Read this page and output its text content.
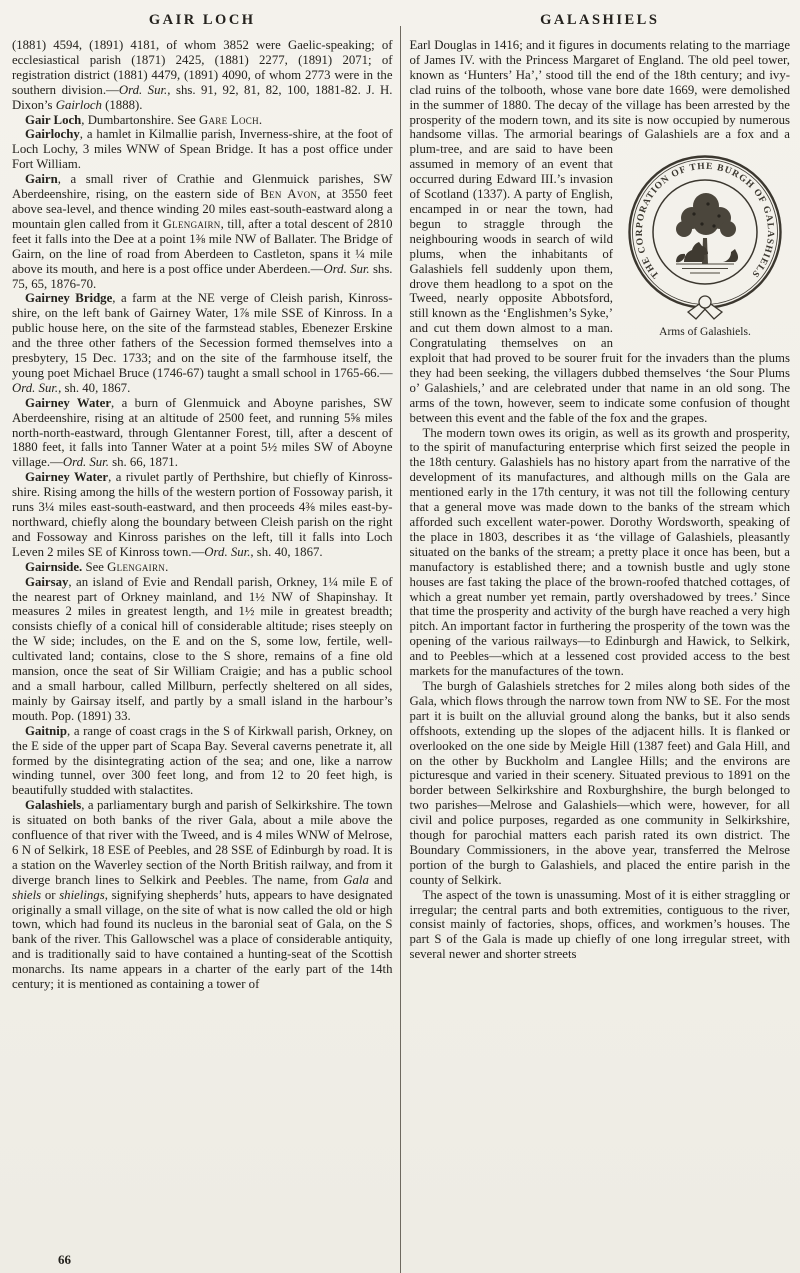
GAIR LOCH

(1881) 4594, (1891) 4181, of whom 3852 were Gaelic-speaking; of ecclesiastical parish (1871) 2425, (1881) 2277, (1891) 2071; of registration district (1881) 4479, (1891) 4090, of whom 2773 were in the southern division.—Ord. Sur., shs. 91, 92, 81, 82, 100, 1881-82. J. H. Dixon’s Gairloch (1888).

Gair Loch, Dumbartonshire. See Gare Loch.

Gairlochy, a hamlet in Kilmallie parish, Inverness-shire, at the foot of Loch Lochy, 3 miles WNW of Spean Bridge. It has a post office under Fort William.

Gairn, a small river of Crathie and Glenmuick parishes, SW Aberdeenshire, rising, on the eastern side of Ben Avon, at 3550 feet above sea-level, and thence winding 20 miles east-south-eastward along a mountain glen called from it Glengairn, till, after a total descent of 2810 feet it falls into the Dee at a point 1⅜ mile NW of Ballater. The Bridge of Gairn, on the line of road from Aberdeen to Castleton, spans it ¼ mile above its mouth, and here is a post office under Aberdeen.—Ord. Sur. shs. 75, 65, 1876-70.

Gairney Bridge, a farm at the NE verge of Cleish parish, Kinross-shire, on the left bank of Gairney Water, 1⅞ mile SSE of Kinross. In a public house here, on the site of the farmstead stables, Ebenezer Erskine and the three other fathers of the Secession formed themselves into a presbytery, 15 Dec. 1733; and on the site of the farmhouse itself, the young poet Michael Bruce (1746-67) taught a small school in 1765-66.—Ord. Sur., sh. 40, 1867.

Gairney Water, a burn of Glenmuick and Aboyne parishes, SW Aberdeenshire, rising at an altitude of 2500 feet, and running 5⅝ miles north-north-eastward, through Glentanner Forest, till, after a descent of 1880 feet, it falls into Tanner Water at a point 5½ miles SW of Aboyne village.—Ord. Sur. sh. 66, 1871.

Gairney Water, a rivulet partly of Perthshire, but chiefly of Kinross-shire. Rising among the hills of the western portion of Fossoway parish, it runs 3¼ miles east-south-eastward, and then proceeds 4⅜ miles east-by-northward, chiefly along the boundary between Cleish parish on the right and Fossoway and Kinross parishes on the left, till it falls into Loch Leven 2 miles SE of Kinross town.—Ord. Sur., sh. 40, 1867.

Gairnside. See Glengairn.

Gairsay, an island of Evie and Rendall parish, Orkney, 1¼ mile E of the nearest part of Orkney mainland, and 1½ NW of Shapinshay. It measures 2 miles in greatest length, and 1½ mile in greatest breadth; consists chiefly of a conical hill of considerable altitude; rises steeply on the W side; includes, on the E and on the S, some low, fertile, well-cultivated land; contains, close to the S shore, remains of a fine old mansion, once the seat of Sir William Craigie; and has a public school and a small harbour, called Millburn, perfectly sheltered on all sides, mainly by Gairsay itself, and partly by a small island in the harbour’s mouth. Pop. (1891) 33.

Gaitnip, a range of coast crags in the S of Kirkwall parish, Orkney, on the E side of the upper part of Scapa Bay. Several caverns penetrate it, all formed by the disintegrating action of the sea; and one, like a narrow winding tunnel, over 300 feet long, and from 12 to 20 feet high, is beautifully studded with stalactites.

Galashiels, a parliamentary burgh and parish of Selkirkshire. The town is situated on both banks of the river Gala, about a mile above the confluence of that river with the Tweed, and is 4 miles WNW of Melrose, 6 N of Selkirk, 18 ESE of Peebles, and 28 SSE of Edinburgh by road. It is a station on the Waverley section of the North British railway, and from it diverge branch lines to Selkirk and Peebles. The name, from Gala and shiels or shielings, signifying shepherds’ huts, appears to have designated originally a small village, on the site of what is now called the old or high town, which had found its nucleus in the baronial seat of Gala, on the S bank of the river. This Gallowschel was a place of considerable antiquity, and is traditionally said to have contained a hunting-seat of the Scottish monarchs. Its name appears in a charter of the early part of the 14th century; it is mentioned as containing a tower of

GALASHIELS

Earl Douglas in 1416; and it figures in documents relating to the marriage of James IV. with the Princess Margaret of England. The old peel tower, known as ‘Hunters’ Ha’,’ stood till the end of the 18th century; and ivy-clad ruins of the tolbooth, whose vane bore date 1669, were demolished in the summer of 1880. The decay of the village has been arrested by the prosperity of the modern town, and its site is now occupied by numerous handsome villas. The armorial bearings of Galashiels
THE CORPORATION OF THE BURGH OF GALASHIELS
Arms of Galashiels.
are a fox and a plum-tree, and are said to have been assumed in memory of an event that occurred during Edward III.’s invasion of Scotland (1337). A party of English, encamped in or near the town, had begun to straggle through the neighbouring woods in search of wild plums, when the inhabitants of Galashiels fell suddenly upon them, drove them headlong to a spot on the Tweed, nearly opposite Abbotsford, still known as the ‘Englishmen’s Syke,’ and cut them down almost to a man. Congratulating themselves on an exploit that had proved to be sourer fruit for the invaders than the plums they had been seeking, the villagers dubbed themselves ‘the Sour Plums o’ Galashiels,’ and are celebrated under that name in an old song. The arms of the town, however, seem to indicate some confusion of thought between this event and the fable of the fox and the grapes.

The modern town owes its origin, as well as its growth and prosperity, to the spirit of manufacturing enterprise which first seized the people in the 18th century. Galashiels has no history apart from the narrative of the development of its manufactures, and although mills on the Gala are mentioned early in the 17th century, it was not till the following century that a general move was made down to the banks of the stream which afforded such excellent water-power. Dorothy Wordsworth, speaking of the place in 1803, describes it as ‘the village of Galashiels, pleasantly situated on the banks of the stream; a pretty place it once has been, but a manufactory is established there; and a townish bustle and ugly stone houses are fast taking the place of the brown-roofed thatched cottages, of which a great number yet remain, partly overshadowed by trees.’ Since that time the prosperity and activity of the burgh have reached a very high pitch. An important factor in furthering the prosperity of the town was the opening of the various railways—to Edinburgh and Hawick, to Selkirk, and to Peebles—which at a lessened cost provided access to the best markets for the manufactures of the town.

The burgh of Galashiels stretches for 2 miles along both sides of the Gala, which flows through the narrow town from NW to SE. For the most part it is built on the alluvial ground along the banks, but it also sends offshoots, extending up the slopes of the adjacent hills. It is flanked or overlooked on the one side by Meigle Hill (1387 feet) and Gala Hill, and on the other by Buckholm and Langlee Hills; and the environs are picturesque and varied in their scenery. Situated previous to 1891 on the border between Selkirkshire and Roxburghshire, the burgh belonged to two parishes—Melrose and Galashiels—which were, however, for all civil and police purposes, regarded as one community in Selkirkshire, though for parochial matters each parish rated its own district. The Boundary Commissioners, in the above year, transferred the Melrose portion of the burgh to Galashiels, and placed the entire parish in the county of Selkirk.

The aspect of the town is unassuming. Most of it is either straggling or irregular; the central parts and both extremities, contiguous to the river, consist mainly of factories, shops, offices, and workmen’s houses. The part S of the Gala is made up chiefly of one long irregular street, with several newer and shorter streets

66
